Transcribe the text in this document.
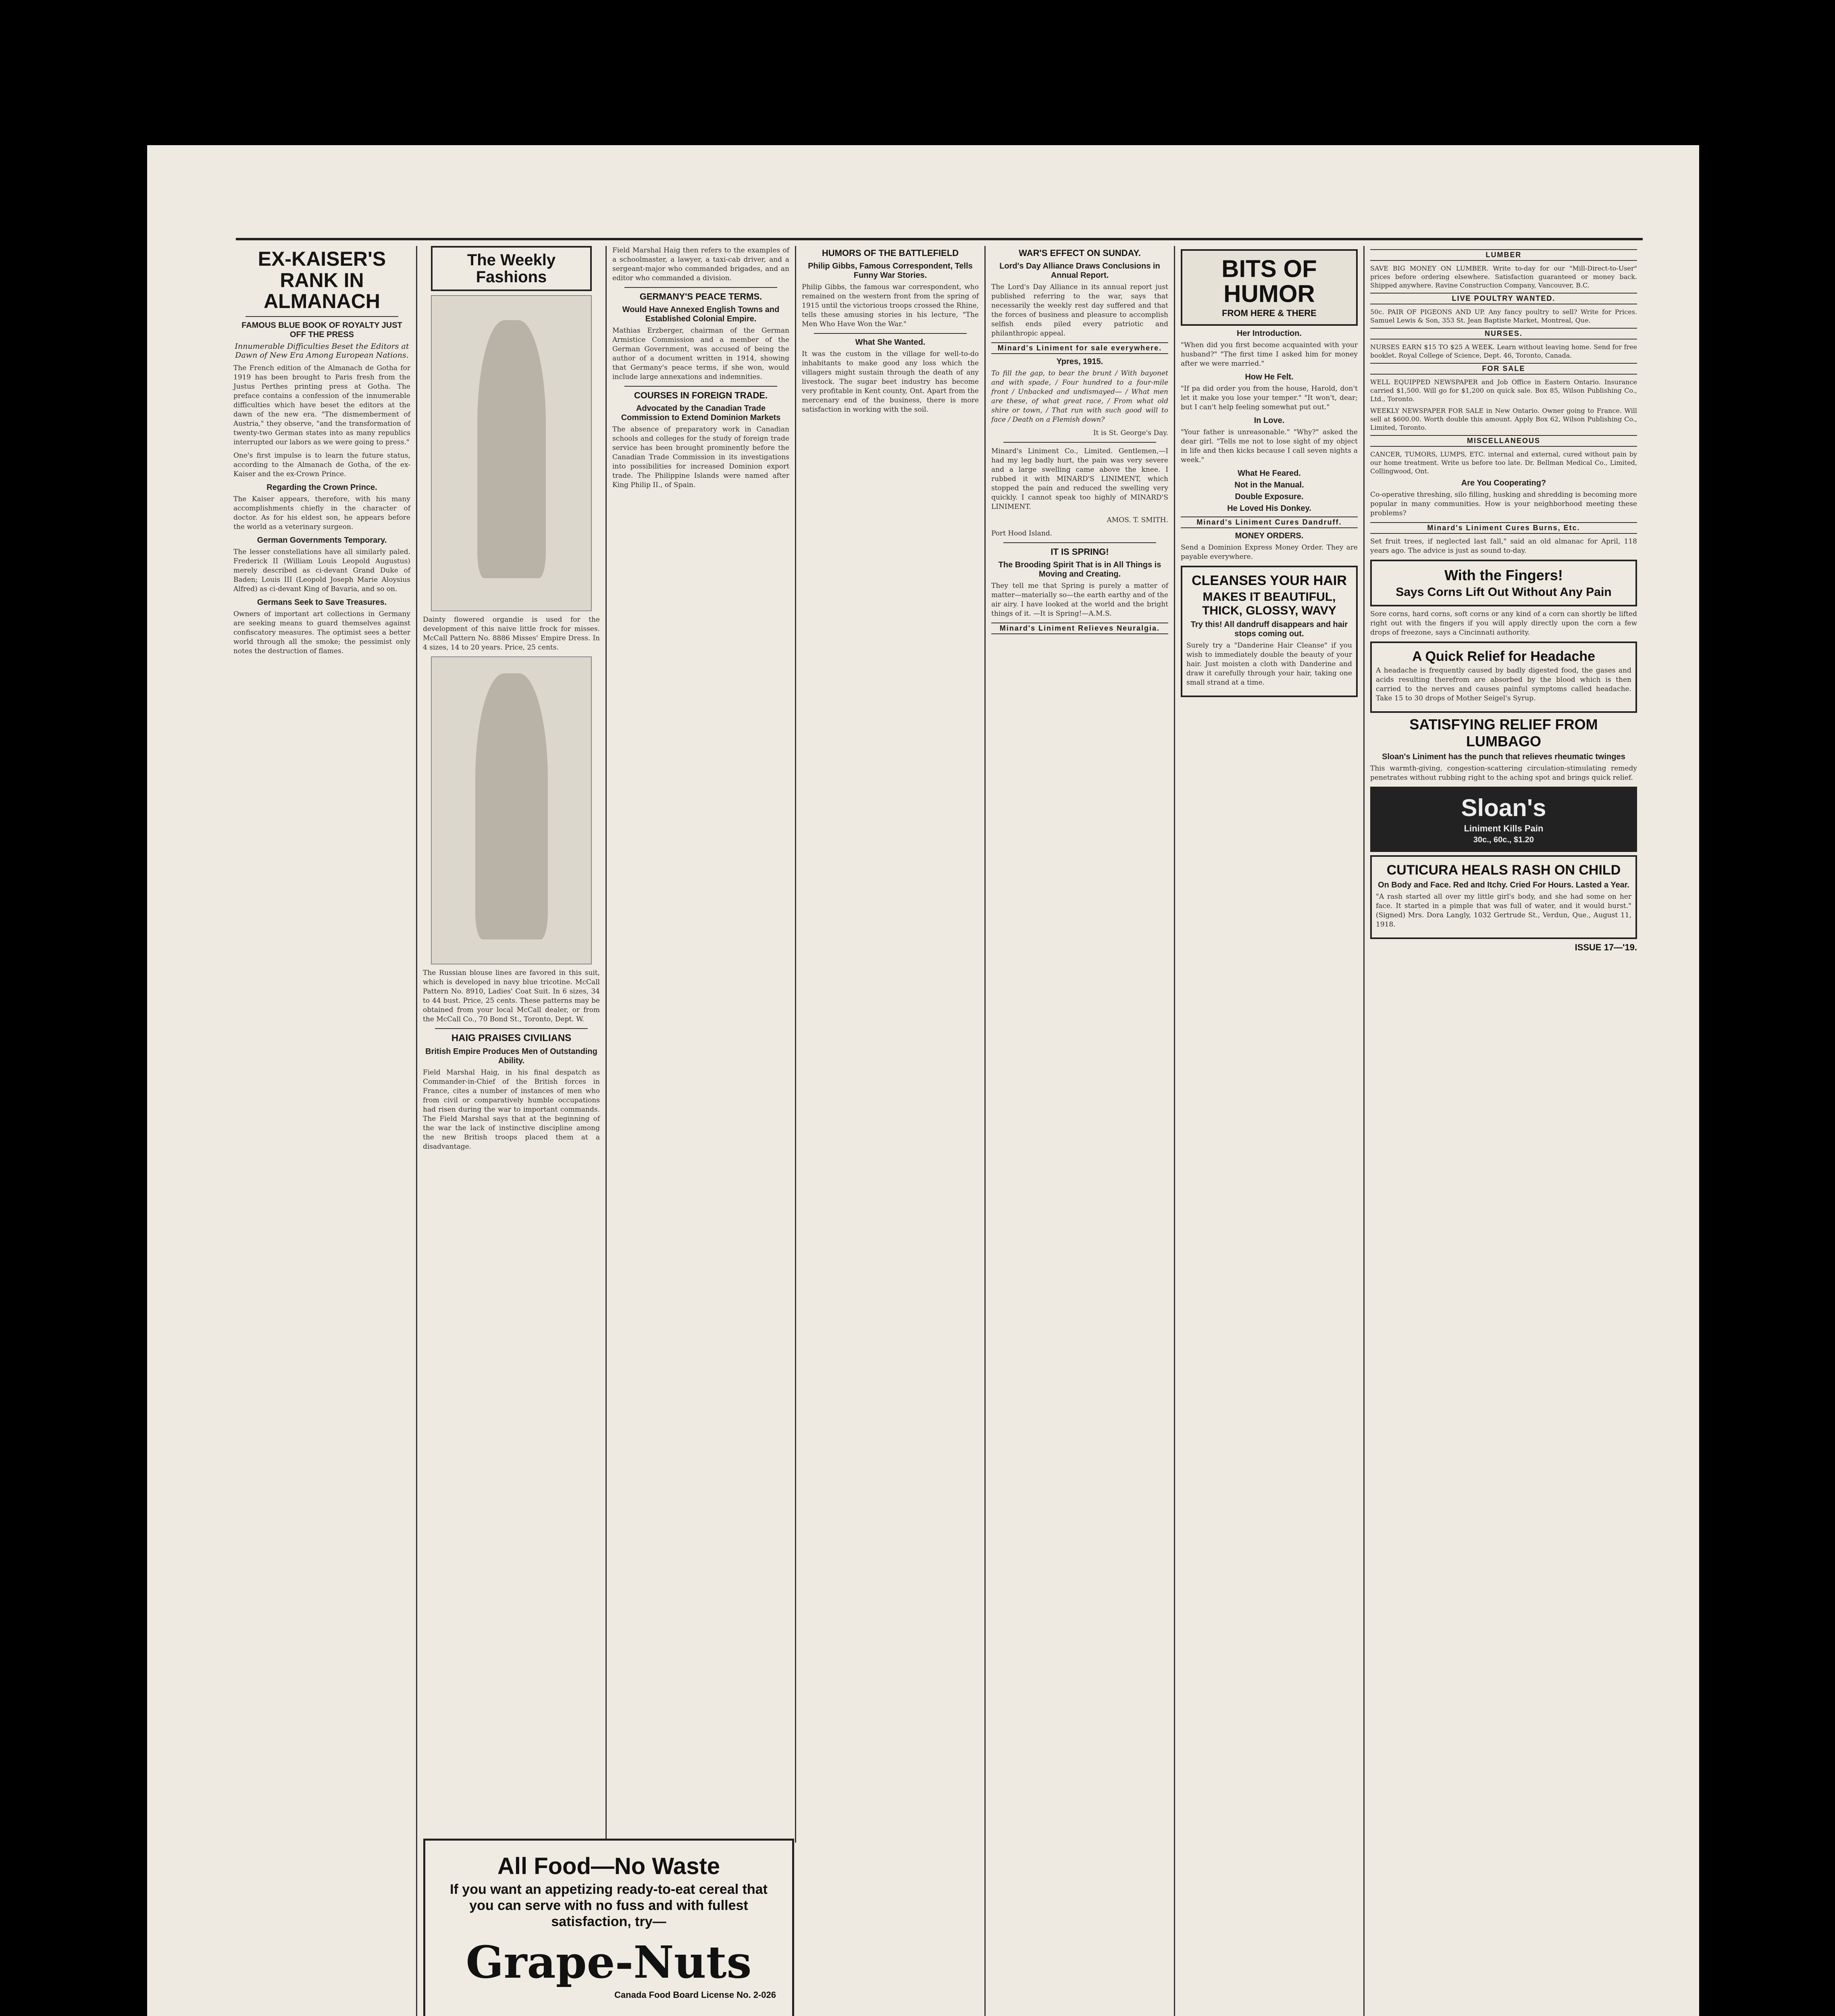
EX-KAISER'S RANK IN ALMANACH
FAMOUS BLUE BOOK OF ROYALTY JUST OFF THE PRESS
Innumerable Difficulties Beset the Editors at Dawn of New Era Among European Nations.

The French edition of the Almanach de Gotha for 1919 has been brought to Paris fresh from the Justus Perthes printing press at Gotha. The preface contains a confession of the innumerable difficulties which have beset the editors at the dawn of the new era. "The dismemberment of Austria," they observe, "and the transformation of twenty-two German states into as many republics interrupted our labors as we were going to press."

One's first impulse is to learn the future status, according to the Almanach de Gotha, of the ex-Kaiser and the ex-Crown Prince.

Regarding the Crown Prince.

The Kaiser appears, therefore, with his many accomplishments chiefly in the character of doctor. As for his eldest son, he appears before the world as a veterinary surgeon.

German Governments Temporary.

The lesser constellations have all similarly paled. Frederick II (William Louis Leopold Augustus) merely described as ci-devant Grand Duke of Baden; Louis III (Leopold Joseph Marie Aloysius Alfred) as ci-devant King of Bavaria, and so on.

Germans Seek to Save Treasures.

Owners of important art collections in Germany are seeking means to guard themselves against confiscatory measures. The optimist sees a better world through all the smoke; the pessimist only notes the destruction of flames.

The Weekly Fashions

Dainty flowered organdie is used for the development of this naive little frock for misses. McCall Pattern No. 8886 Misses' Empire Dress. In 4 sizes, 14 to 20 years. Price, 25 cents.

The Russian blouse lines are favored in this suit, which is developed in navy blue tricotine. McCall Pattern No. 8910, Ladies' Coat Suit. In 6 sizes, 34 to 44 bust. Price, 25 cents. These patterns may be obtained from your local McCall dealer, or from the McCall Co., 70 Bond St., Toronto, Dept. W.

HAIG PRAISES CIVILIANS
British Empire Produces Men of Outstanding Ability.

Field Marshal Haig, in his final despatch as Commander-in-Chief of the British forces in France, cites a number of instances of men who from civil or comparatively humble occupations had risen during the war to important commands. The Field Marshal says that at the beginning of the war the lack of instinctive discipline among the new British troops placed them at a disadvantage.

Field Marshal Haig then refers to the examples of a schoolmaster, a lawyer, a taxi-cab driver, and a sergeant-major who commanded brigades, and an editor who commanded a division.

GERMANY'S PEACE TERMS.
Would Have Annexed English Towns and Established Colonial Empire.

Mathias Erzberger, chairman of the German Armistice Commission and a member of the German Government, was accused of being the author of a document written in 1914, showing that Germany's peace terms, if she won, would include large annexations and indemnities.

COURSES IN FOREIGN TRADE.
Advocated by the Canadian Trade Commission to Extend Dominion Markets

The absence of preparatory work in Canadian schools and colleges for the study of foreign trade service has been brought prominently before the Canadian Trade Commission in its investigations into possibilities for increased Dominion export trade. The Philippine Islands were named after King Philip II., of Spain.

All Food—No Waste
If you want an appetizing ready-to-eat cereal that you can serve with no fuss and with fullest satisfaction, try—
Grape-Nuts
Canada Food Board License No. 2-026
HUMORS OF THE BATTLEFIELD
Philip Gibbs, Famous Correspondent, Tells Funny War Stories.

Philip Gibbs, the famous war correspondent, who remained on the western front from the spring of 1915 until the victorious troops crossed the Rhine, tells these amusing stories in his lecture, "The Men Who Have Won the War."

What She Wanted.

It was the custom in the village for well-to-do inhabitants to make good any loss which the villagers might sustain through the death of any livestock. The sugar beet industry has become very profitable in Kent county, Ont. Apart from the mercenary end of the business, there is more satisfaction in working with the soil.

WAR'S EFFECT ON SUNDAY.
Lord's Day Alliance Draws Conclusions in Annual Report.

The Lord's Day Alliance in its annual report just published referring to the war, says that necessarily the weekly rest day suffered and that the forces of business and pleasure to accomplish selfish ends piled every patriotic and philanthropic appeal.

Minard's Liniment for sale everywhere.
Ypres, 1915.

To fill the gap, to bear the brunt / With bayonet and with spade, / Four hundred to a four-mile front / Unbacked and undismayed— / What men are these, of what great race, / From what old shire or town, / That run with such good will to face / Death on a Flemish down?

It is St. George's Day.

Minard's Liniment Co., Limited. Gentlemen,—I had my leg badly hurt, the pain was very severe and a large swelling came above the knee. I rubbed it with MINARD'S LINIMENT, which stopped the pain and reduced the swelling very quickly. I cannot speak too highly of MINARD'S LINIMENT.

AMOS. T. SMITH.

Port Hood Island.

IT IS SPRING!
The Brooding Spirit That is in All Things is Moving and Creating.

They tell me that Spring is purely a matter of matter—materially so—the earth earthy and of the air airy. I have looked at the world and the bright things of it. —It is Spring!—A.M.S.

Minard's Liniment Relieves Neuralgia.
BITS OF HUMOR
FROM HERE & THERE
Her Introduction.

"When did you first become acquainted with your husband?" "The first time I asked him for money after we were married."

How He Felt.

"If pa did order you from the house, Harold, don't let it make you lose your temper." "It won't, dear; but I can't help feeling somewhat put out."

In Love.

"Your father is unreasonable." "Why?" asked the dear girl. "Tells me not to lose sight of my object in life and then kicks because I call seven nights a week."

What He Feared.
Not in the Manual.
Double Exposure.
He Loved His Donkey.
Minard's Liniment Cures Dandruff.
MONEY ORDERS.

Send a Dominion Express Money Order. They are payable everywhere.

CLEANSES YOUR HAIR
MAKES IT BEAUTIFUL, THICK, GLOSSY, WAVY
Try this! All dandruff disappears and hair stops coming out.

Surely try a "Danderine Hair Cleanse" if you wish to immediately double the beauty of your hair. Just moisten a cloth with Danderine and draw it carefully through your hair, taking one small strand at a time.

LUMBER

SAVE BIG MONEY ON LUMBER. Write to-day for our "Mill-Direct-to-User" prices before ordering elsewhere. Satisfaction guaranteed or money back. Shipped anywhere. Ravine Construction Company, Vancouver, B.C.

LIVE POULTRY WANTED.

50c. PAIR OF PIGEONS AND UP. Any fancy poultry to sell? Write for Prices. Samuel Lewis & Son, 353 St. Jean Baptiste Market, Montreal, Que.

NURSES.

NURSES EARN $15 TO $25 A WEEK. Learn without leaving home. Send for free booklet. Royal College of Science, Dept. 46, Toronto, Canada.

FOR SALE

WELL EQUIPPED NEWSPAPER and Job Office in Eastern Ontario. Insurance carried $1,500. Will go for $1,200 on quick sale. Box 85, Wilson Publishing Co., Ltd., Toronto.

WEEKLY NEWSPAPER FOR SALE in New Ontario. Owner going to France. Will sell at $600.00. Worth double this amount. Apply Box 62, Wilson Publishing Co., Limited, Toronto.

MISCELLANEOUS

CANCER, TUMORS, LUMPS, ETC. internal and external, cured without pain by our home treatment. Write us before too late. Dr. Bellman Medical Co., Limited, Collingwood, Ont.

Are You Cooperating?

Co-operative threshing, silo filling, husking and shredding is becoming more popular in many communities. How is your neighborhood meeting these problems?

Minard's Liniment Cures Burns, Etc.

Set fruit trees, if neglected last fall," said an old almanac for April, 118 years ago. The advice is just as sound to-day.

With the Fingers!
Says Corns Lift Out Without Any Pain

Sore corns, hard corns, soft corns or any kind of a corn can shortly be lifted right out with the fingers if you will apply directly upon the corn a few drops of freezone, says a Cincinnati authority.

A Quick Relief for Headache

A headache is frequently caused by badly digested food, the gases and acids resulting therefrom are absorbed by the blood which is then carried to the nerves and causes painful symptoms called headache. Take 15 to 30 drops of Mother Seigel's Syrup.

SATISFYING RELIEF FROM LUMBAGO
Sloan's Liniment has the punch that relieves rheumatic twinges

This warmth-giving, congestion-scattering circulation-stimulating remedy penetrates without rubbing right to the aching spot and brings quick relief.

Sloan's
Liniment Kills Pain
30c., 60c., $1.20
CUTICURA HEALS RASH ON CHILD
On Body and Face. Red and Itchy. Cried For Hours. Lasted a Year.

"A rash started all over my little girl's body, and she had some on her face. It started in a pimple that was full of water, and it would burst." (Signed) Mrs. Dora Langly, 1032 Gertrude St., Verdun, Que., August 11, 1918.

ISSUE 17—'19.
